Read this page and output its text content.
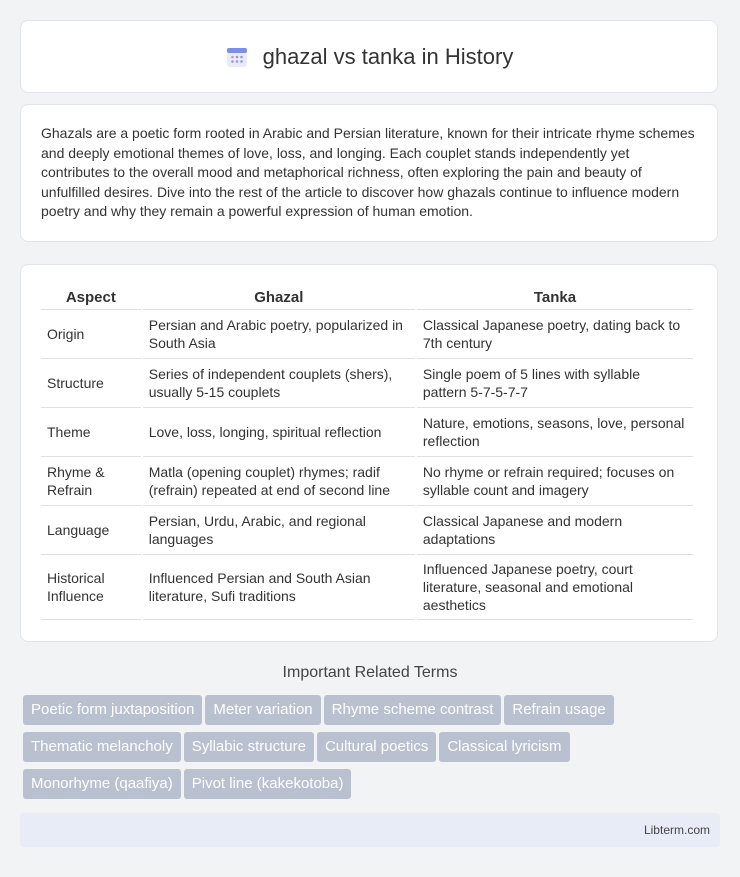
ghazal vs tanka in History
Ghazals are a poetic form rooted in Arabic and Persian literature, known for their intricate rhyme schemes and deeply emotional themes of love, loss, and longing. Each couplet stands independently yet contributes to the overall mood and metaphorical richness, often exploring the pain and beauty of unfulfilled desires. Dive into the rest of the article to discover how ghazals continue to influence modern poetry and why they remain a powerful expression of human emotion.
Aspect	Ghazal	Tanka
Origin	Persian and Arabic poetry, popularized in South Asia	Classical Japanese poetry, dating back to 7th century
Structure	Series of independent couplets (shers), usually 5-15 couplets	Single poem of 5 lines with syllable pattern 5-7-5-7-7
Theme	Love, loss, longing, spiritual reflection	Nature, emotions, seasons, love, personal reflection
Rhyme & Refrain	Matla (opening couplet) rhymes; radif (refrain) repeated at end of second line	No rhyme or refrain required; focuses on syllable count and imagery
Language	Persian, Urdu, Arabic, and regional languages	Classical Japanese and modern adaptations
Historical Influence	Influenced Persian and South Asian literature, Sufi traditions	Influenced Japanese poetry, court literature, seasonal and emotional aesthetics
Important Related Terms
Poetic form juxtaposition Meter variation Rhyme scheme contrast Refrain usage
Thematic melancholy Syllabic structure Cultural poetics Classical lyricism
Monorhyme (qaafiya) Pivot line (kakekotoba)
Libterm.com
